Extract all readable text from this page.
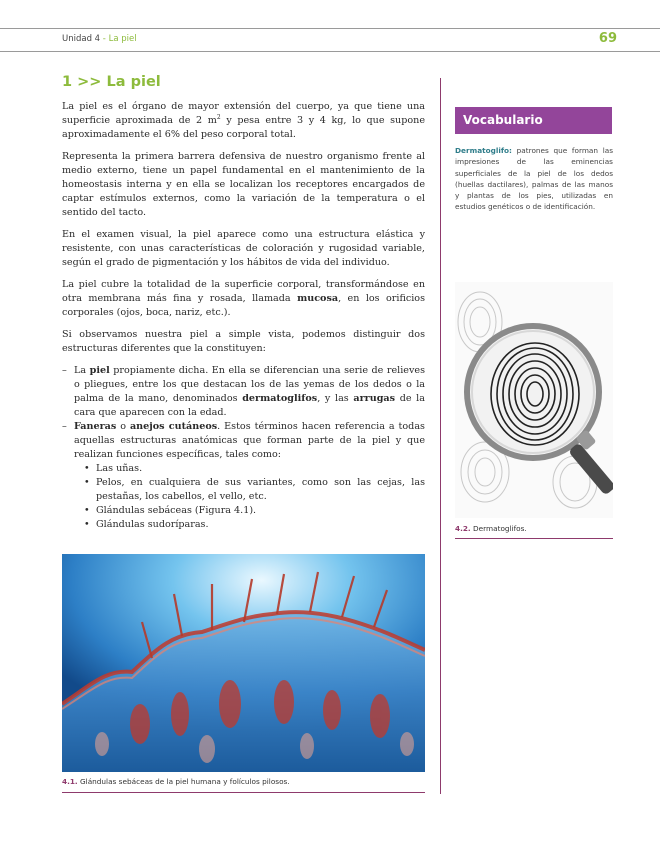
Unidad 4 - La piel	69
1 >> La piel

La piel es el órgano de mayor extensión del cuerpo, ya que tiene una superficie aproximada de 2 $m^2$ y pesa entre 3 y 4 kg, lo que supone aproximadamente el 6% del peso corporal total.

Representa la primera barrera defensiva de nuestro organismo frente al medio externo, tiene un papel fundamental en el mantenimiento de la homeostasis interna y en ella se localizan los receptores encargados de captar estímulos externos, como la variación de la temperatura o el sentido del tacto.

En el examen visual, la piel aparece como una estructura elástica y resistente, con unas características de coloración y rugosidad variable, según el grado de pigmentación y los hábitos de vida del individuo.

La piel cubre la totalidad de la superficie corporal, transformándose en otra membrana más fina y rosada, llamada mucosa, en los orificios corporales (ojos, boca, nariz, etc.).

Si observamos nuestra piel a simple vista, podemos distinguir dos estructuras diferentes que la constituyen:

– La piel propiamente dicha. En ella se diferencian una serie de relieves o pliegues, entre los que destacan los de las yemas de los dedos o la palma de la mano, denominados dermatoglifos, y las arrugas de la cara que aparecen con la edad.
– Faneras o anejos cutáneos. Estos términos hacen referencia a todas aquellas estructuras anatómicas que forman parte de la piel y que realizan funciones específicas, tales como:
• Las uñas.
• Pelos, en cualquiera de sus variantes, como son las cejas, las pestañas, los cabellos, el vello, etc.
• Glándulas sebáceas (Figura 4.1).
• Glándulas sudoríparas.
4.1. Glándulas sebáceas de la piel humana y folículos pilosos.
Vocabulario
Dermatoglifo: patrones que forman las impresiones de las eminencias superficiales de la piel de los dedos (huellas dactilares), palmas de las manos y plantas de los pies, utilizadas en estudios genéticos o de identificación.
4.2. Dermatoglifos.
